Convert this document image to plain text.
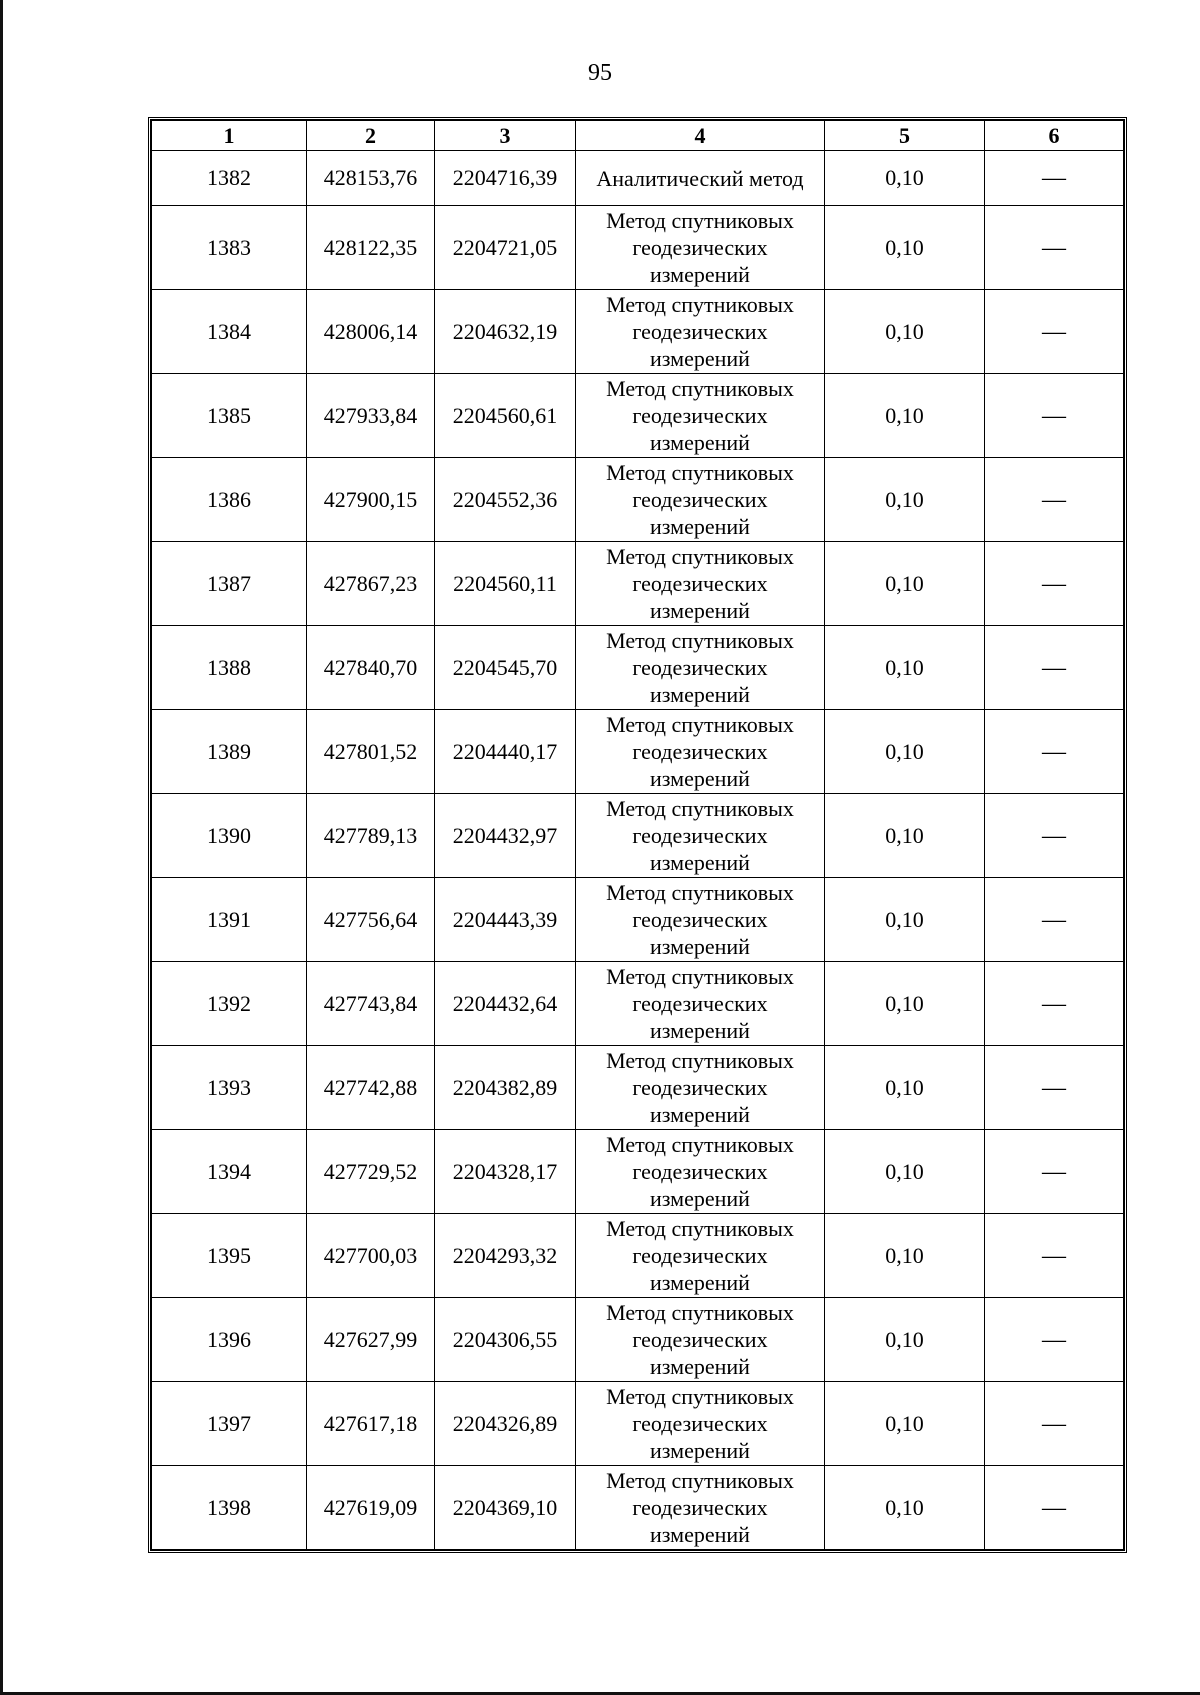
95
1	2	3	4	5	6
1382	428153,76	2204716,39	Аналитический метод	0,10	—
1383	428122,35	2204721,05	Метод спутниковых геодезических измерений	0,10	—
1384	428006,14	2204632,19	Метод спутниковых геодезических измерений	0,10	—
1385	427933,84	2204560,61	Метод спутниковых геодезических измерений	0,10	—
1386	427900,15	2204552,36	Метод спутниковых геодезических измерений	0,10	—
1387	427867,23	2204560,11	Метод спутниковых геодезических измерений	0,10	—
1388	427840,70	2204545,70	Метод спутниковых геодезических измерений	0,10	—
1389	427801,52	2204440,17	Метод спутниковых геодезических измерений	0,10	—
1390	427789,13	2204432,97	Метод спутниковых геодезических измерений	0,10	—
1391	427756,64	2204443,39	Метод спутниковых геодезических измерений	0,10	—
1392	427743,84	2204432,64	Метод спутниковых геодезических измерений	0,10	—
1393	427742,88	2204382,89	Метод спутниковых геодезических измерений	0,10	—
1394	427729,52	2204328,17	Метод спутниковых геодезических измерений	0,10	—
1395	427700,03	2204293,32	Метод спутниковых геодезических измерений	0,10	—
1396	427627,99	2204306,55	Метод спутниковых геодезических измерений	0,10	—
1397	427617,18	2204326,89	Метод спутниковых геодезических измерений	0,10	—
1398	427619,09	2204369,10	Метод спутниковых геодезических измерений	0,10	—
